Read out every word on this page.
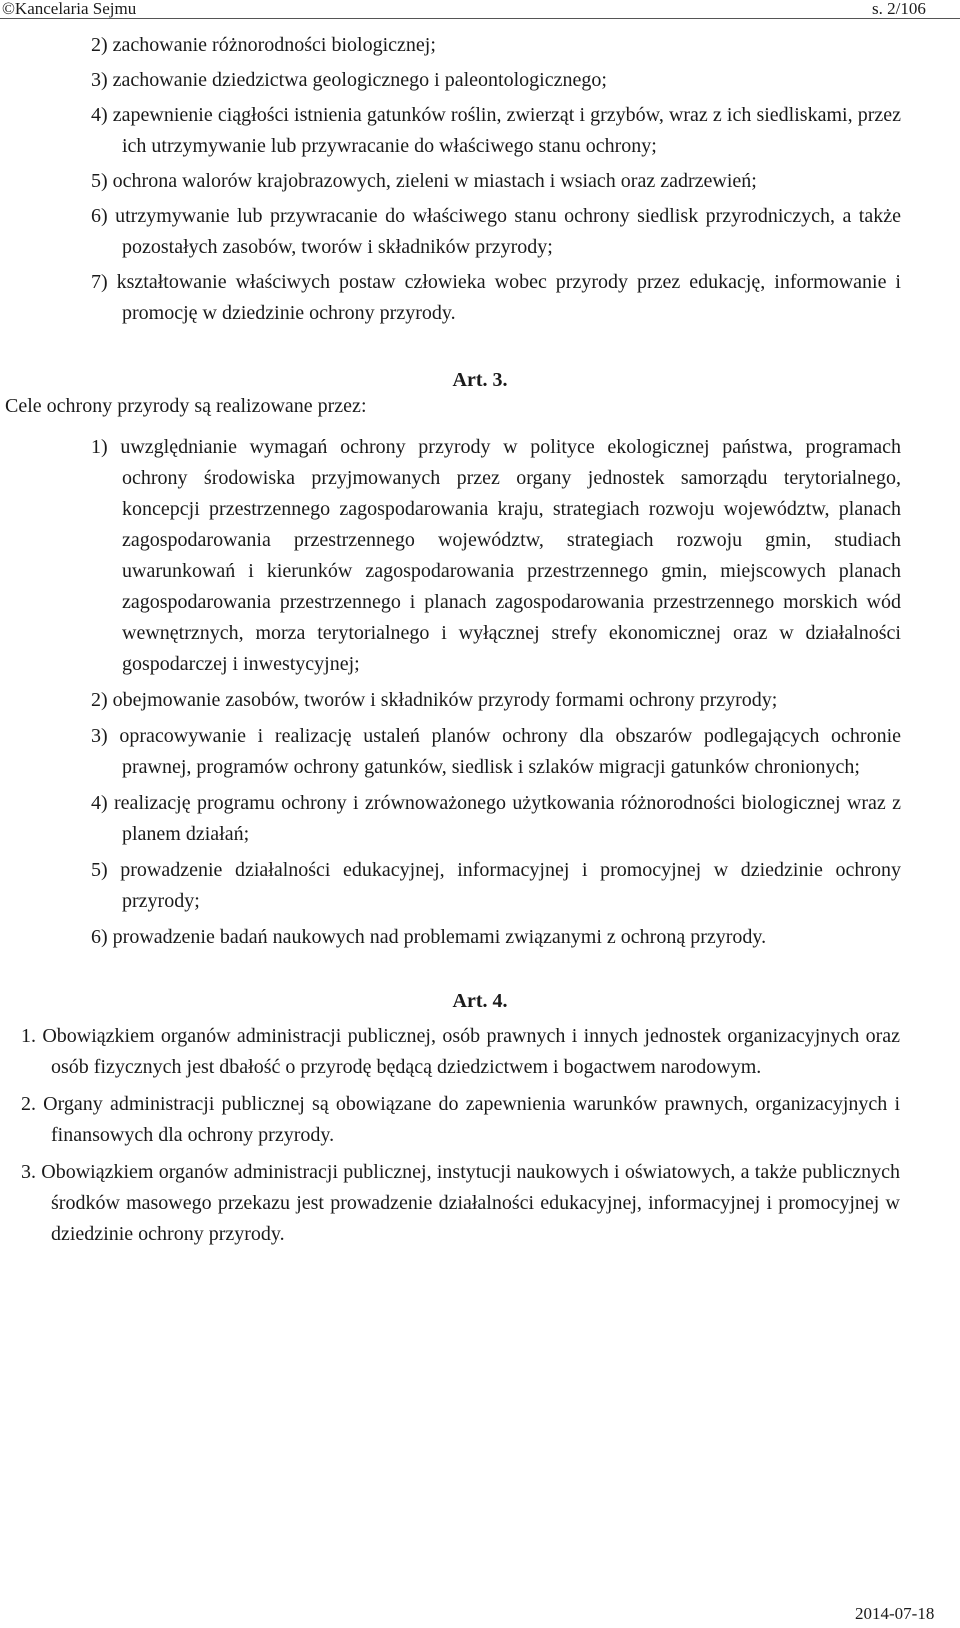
©Kancelaria Sejmu	s. 2/106

2) zachowanie różnorodności biologicznej;

3) zachowanie dziedzictwa geologicznego i paleontologicznego;

4) zapewnienie ciągłości istnienia gatunków roślin, zwierząt i grzybów, wraz z ich siedliskami, przez ich utrzymywanie lub przywracanie do właściwego stanu ochrony;

5) ochrona walorów krajobrazowych, zieleni w miastach i wsiach oraz zadrzewień;

6) utrzymywanie lub przywracanie do właściwego stanu ochrony siedlisk przyrodniczych, a także pozostałych zasobów, tworów i składników przyrody;

7) kształtowanie właściwych postaw człowieka wobec przyrody przez edukację, informowanie i promocję w dziedzinie ochrony przyrody.

Art. 3.

Cele ochrony przyrody są realizowane przez:

1) uwzględnianie wymagań ochrony przyrody w polityce ekologicznej państwa, programach ochrony środowiska przyjmowanych przez organy jednostek samorządu terytorialnego, koncepcji przestrzennego zagospodarowania kraju, strategiach rozwoju województw, planach zagospodarowania przestrzennego województw, strategiach rozwoju gmin, studiach uwarunkowań i kierunków zagospodarowania przestrzennego gmin, miejscowych planach zagospodarowania przestrzennego i planach zagospodarowania przestrzennego morskich wód wewnętrznych, morza terytorialnego i wyłącznej strefy ekonomicznej oraz w działalności gospodarczej i inwestycyjnej;

2) obejmowanie zasobów, tworów i składników przyrody formami ochrony przyrody;

3) opracowywanie i realizację ustaleń planów ochrony dla obszarów podlegających ochronie prawnej, programów ochrony gatunków, siedlisk i szlaków migracji gatunków chronionych;

4) realizację programu ochrony i zrównoważonego użytkowania różnorodności biologicznej wraz z planem działań;

5) prowadzenie działalności edukacyjnej, informacyjnej i promocyjnej w dziedzinie ochrony przyrody;

6) prowadzenie badań naukowych nad problemami związanymi z ochroną przyrody.

Art. 4.

1. Obowiązkiem organów administracji publicznej, osób prawnych i innych jednostek organizacyjnych oraz osób fizycznych jest dbałość o przyrodę będącą dziedzictwem i bogactwem narodowym.

2. Organy administracji publicznej są obowiązane do zapewnienia warunków prawnych, organizacyjnych i finansowych dla ochrony przyrody.

3. Obowiązkiem organów administracji publicznej, instytucji naukowych i oświatowych, a także publicznych środków masowego przekazu jest prowadzenie działalności edukacyjnej, informacyjnej i promocyjnej w dziedzinie ochrony przyrody.

2014-07-18
